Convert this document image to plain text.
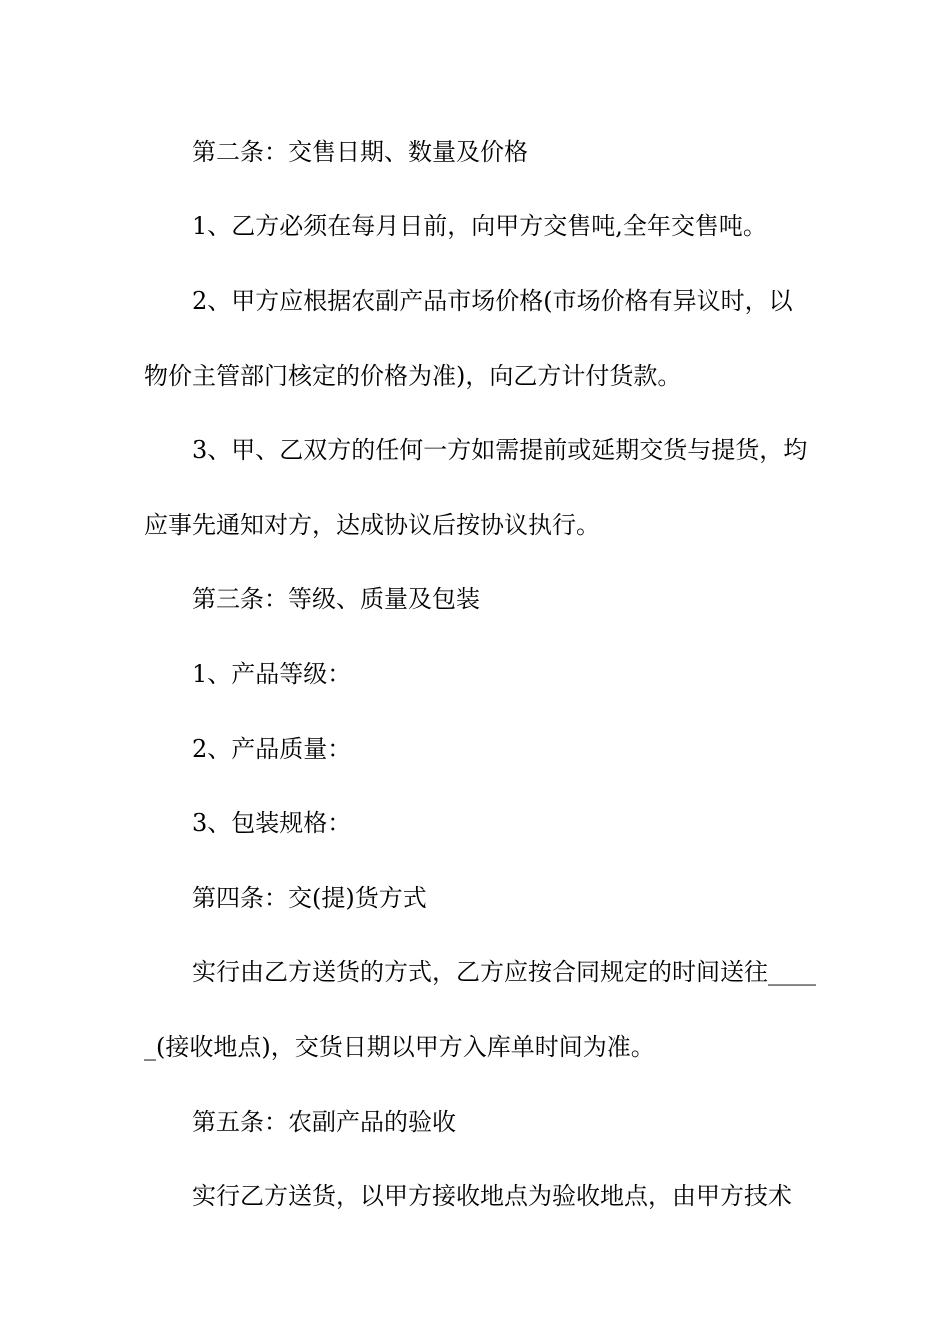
第二条：交售日期、数量及价格
1、乙方必须在每月日前，向甲方交售吨,全年交售吨。
2、甲方应根据农副产品市场价格(市场价格有异议时，以
物价主管部门核定的价格为准)，向乙方计付货款。
3、甲、乙双方的任何一方如需提前或延期交货与提货，均
应事先通知对方，达成协议后按协议执行。
第三条：等级、质量及包装
1、产品等级：
2、产品质量：
3、包装规格：
第四条：交(提)货方式
实行由乙方送货的方式，乙方应按合同规定的时间送往____
_(接收地点)，交货日期以甲方入库单时间为准。
第五条：农副产品的验收
实行乙方送货，以甲方接收地点为验收地点，由甲方技术
